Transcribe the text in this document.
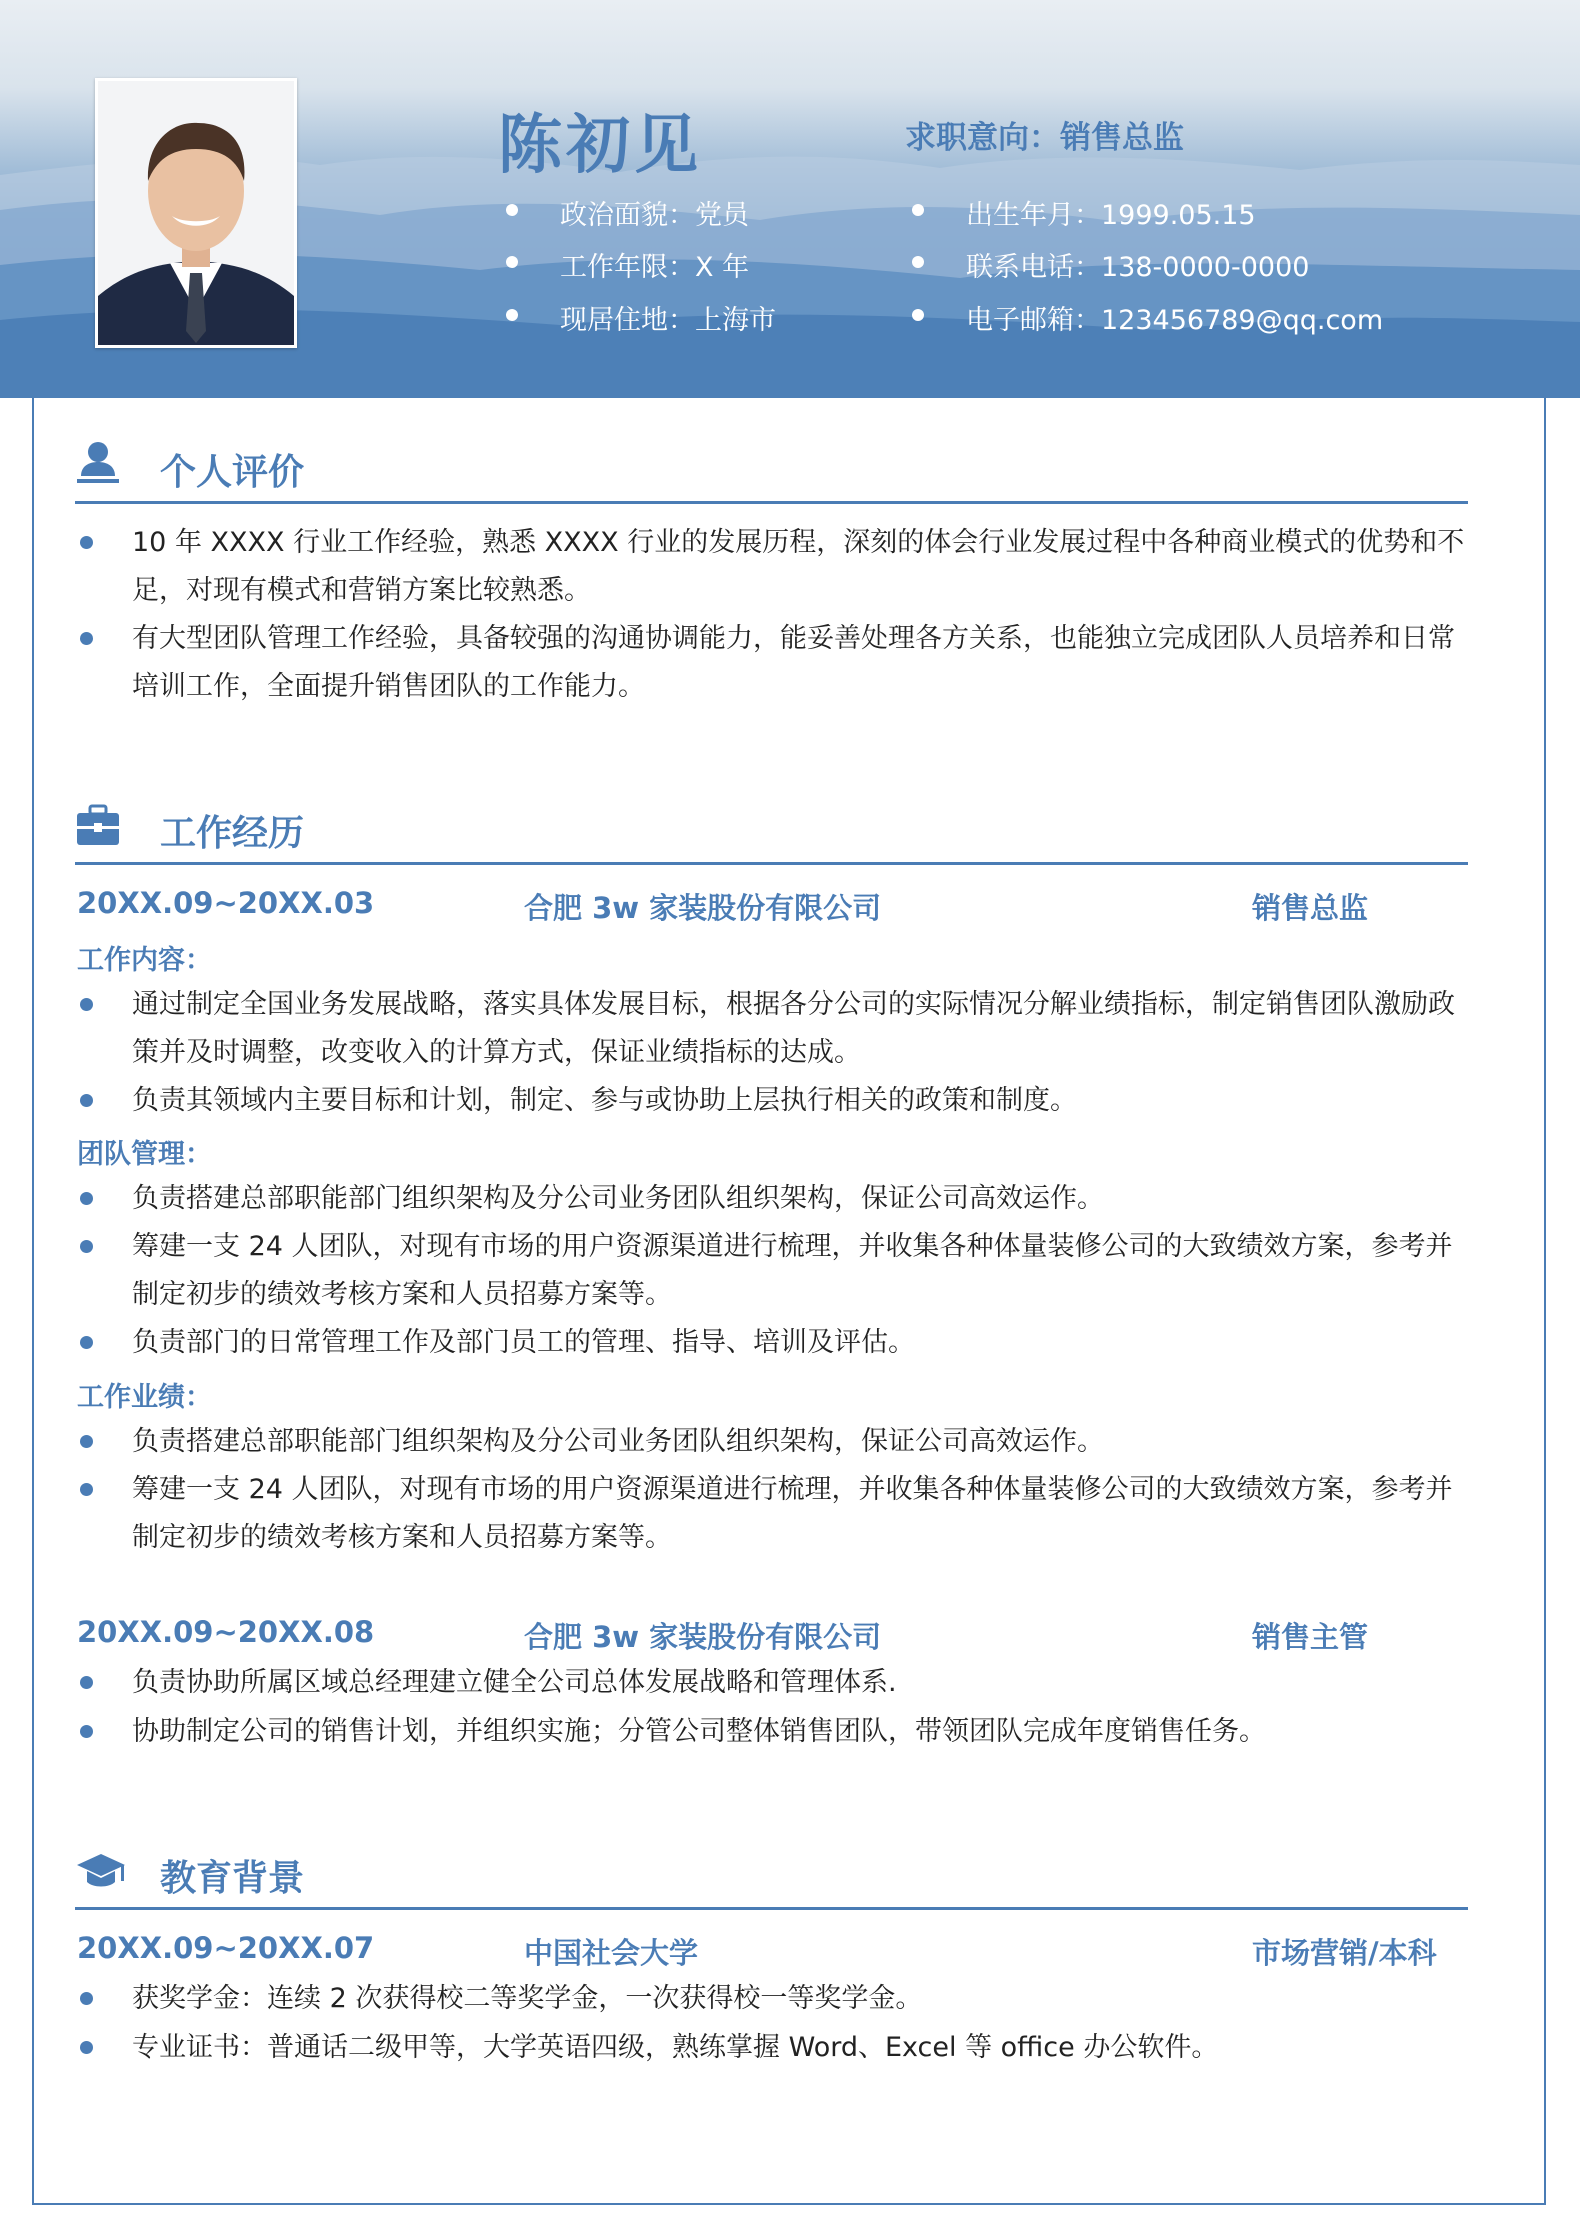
陈初见	求职意向：销售总监
政治面貌：党员
工作年限：X 年
现居住地：上海市
出生年月：1999.05.15
联系电话：138-0000-0000
电子邮箱：123456789@qq.com
个人评价
10 年 XXXX 行业工作经验，熟悉 XXXX 行业的发展历程，深刻的体会行业发展过程中各种商业模式的优势和不足，对现有模式和营销方案比较熟悉。
有大型团队管理工作经验，具备较强的沟通协调能力，能妥善处理各方关系，也能独立完成团队人员培养和日常培训工作，全面提升销售团队的工作能力。
工作经历
20XX.09~20XX.03	合肥 3w 家装股份有限公司	销售总监
工作内容：
通过制定全国业务发展战略，落实具体发展目标，根据各分公司的实际情况分解业绩指标，制定销售团队激励政策并及时调整，改变收入的计算方式，保证业绩指标的达成。
负责其领域内主要目标和计划，制定、参与或协助上层执行相关的政策和制度。
团队管理：
负责搭建总部职能部门组织架构及分公司业务团队组织架构，保证公司高效运作。
筹建一支 24 人团队，对现有市场的用户资源渠道进行梳理，并收集各种体量装修公司的大致绩效方案，参考并制定初步的绩效考核方案和人员招募方案等。
负责部门的日常管理工作及部门员工的管理、指导、培训及评估。
工作业绩：
负责搭建总部职能部门组织架构及分公司业务团队组织架构，保证公司高效运作。
筹建一支 24 人团队，对现有市场的用户资源渠道进行梳理，并收集各种体量装修公司的大致绩效方案，参考并制定初步的绩效考核方案和人员招募方案等。
20XX.09~20XX.08	合肥 3w 家装股份有限公司	销售主管
负责协助所属区域总经理建立健全公司总体发展战略和管理体系.
协助制定公司的销售计划，并组织实施；分管公司整体销售团队，带领团队完成年度销售任务。
教育背景
20XX.09~20XX.07	中国社会大学	市场营销/本科
获奖学金：连续 2 次获得校二等奖学金，一次获得校一等奖学金。
专业证书：普通话二级甲等，大学英语四级，熟练掌握 Word、Excel 等 office 办公软件。
